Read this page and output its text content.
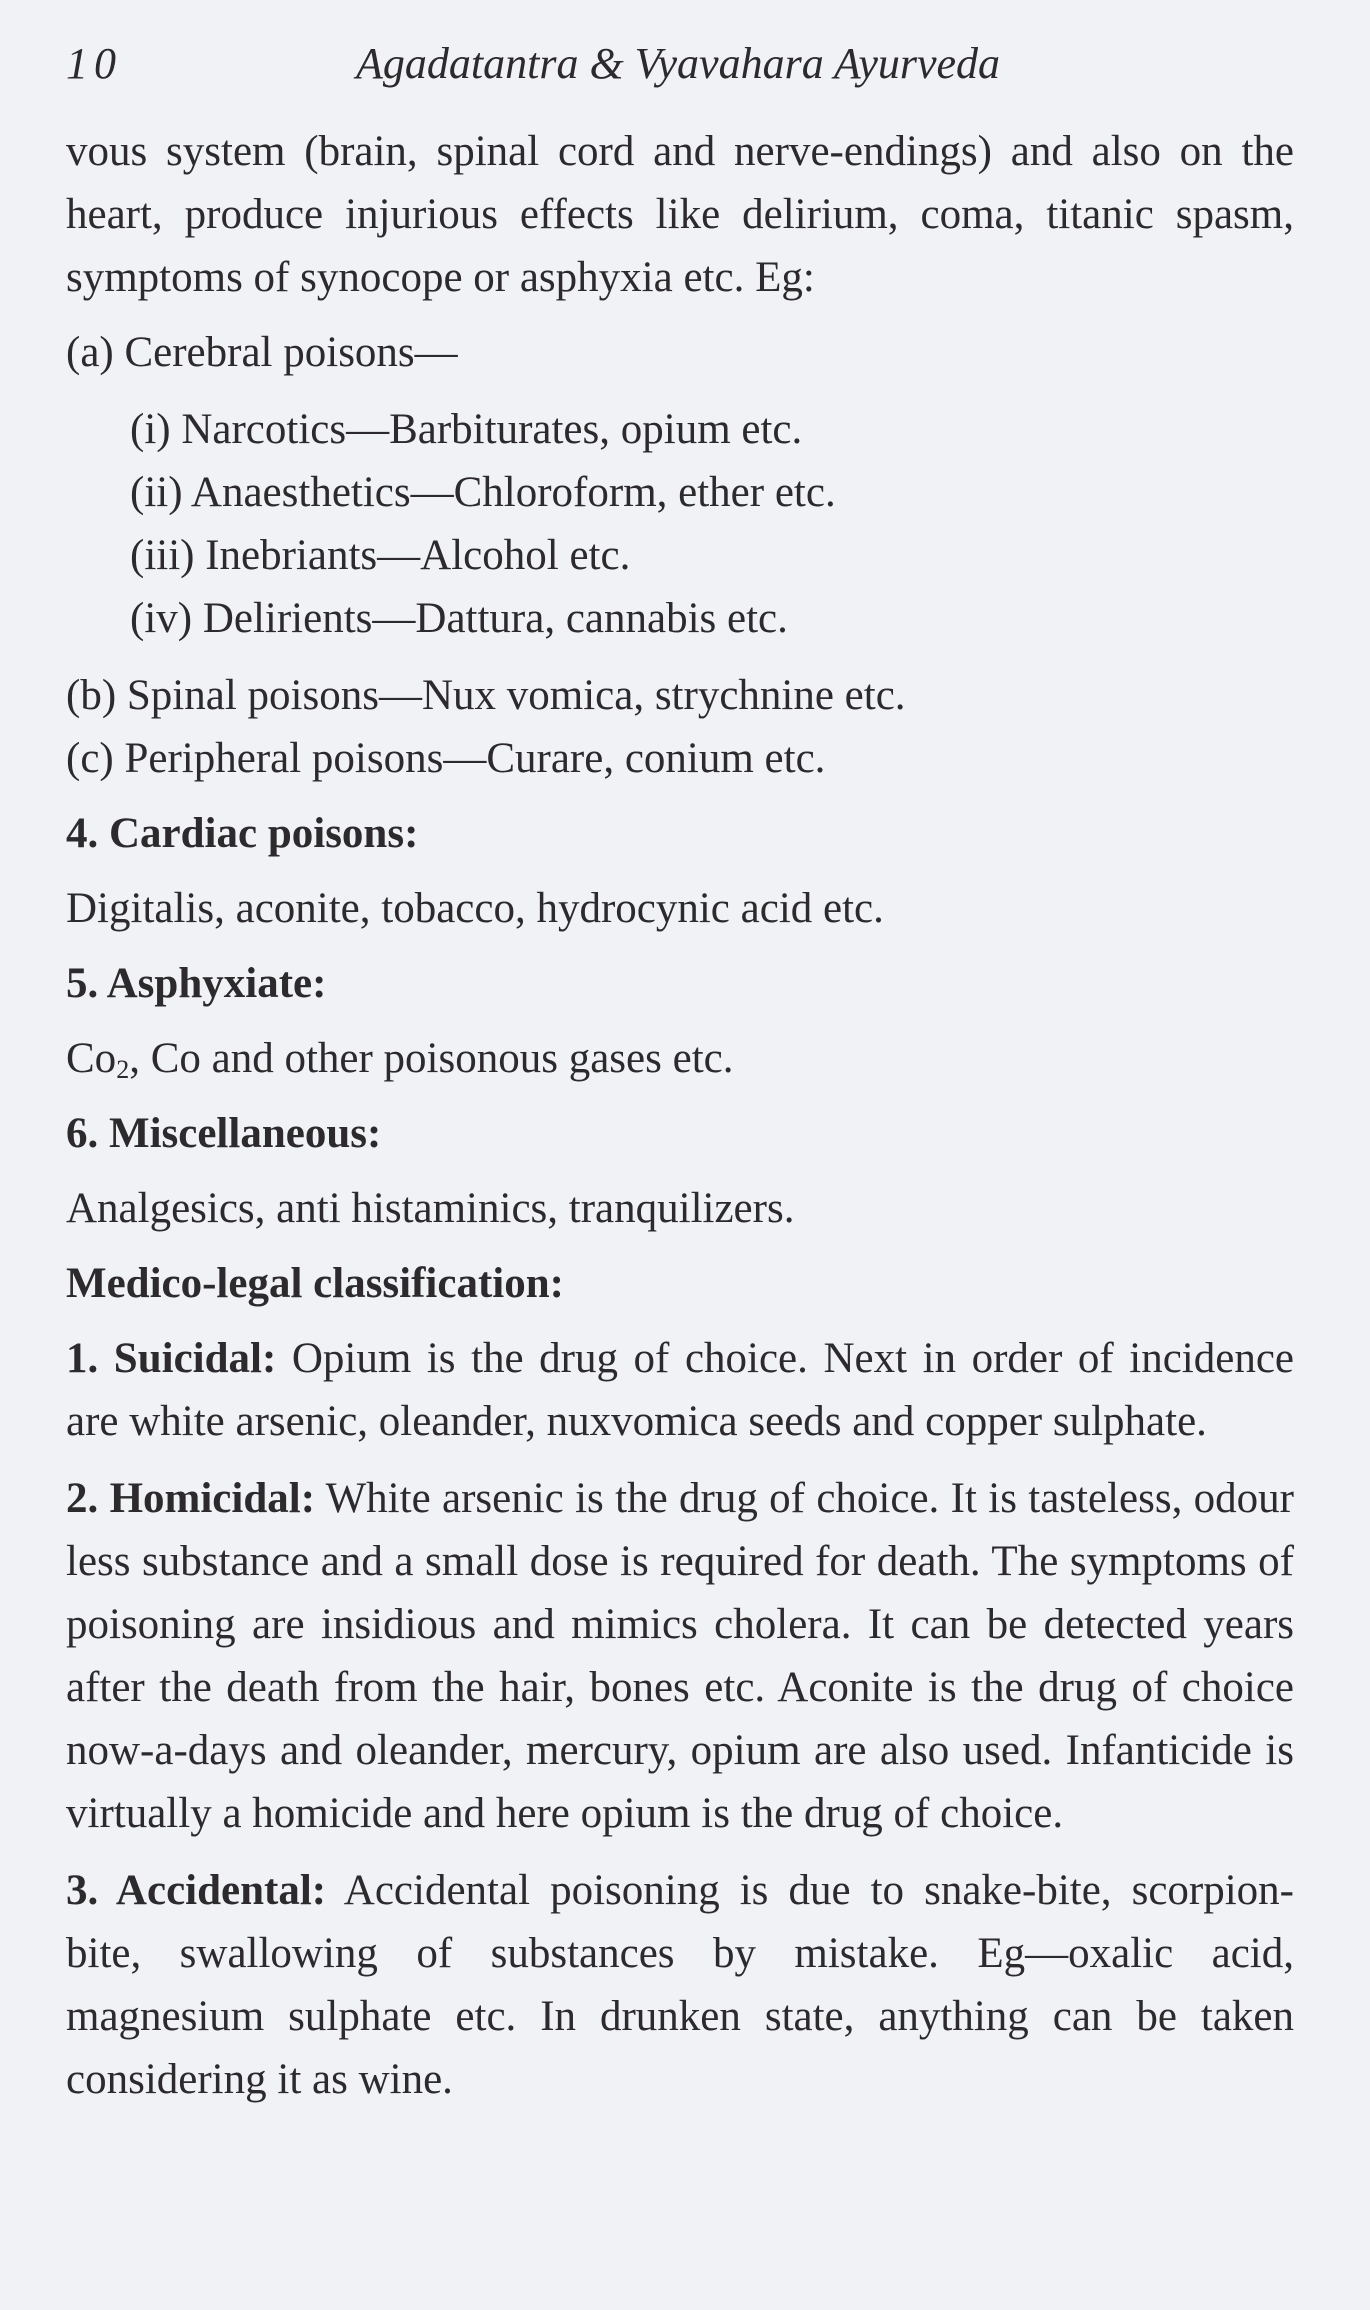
10	Agadatantra & Vyavahara Ayurveda

vous system (brain, spinal cord and nerve-endings) and also on the heart, produce injurious effects like delirium, coma, titanic spasm, symptoms of synocope or asphyxia etc. Eg:

(a) Cerebral poisons—

(i) Narcotics—Barbiturates, opium etc.

(ii) Anaesthetics—Chloroform, ether etc.

(iii) Inebriants—Alcohol etc.

(iv) Delirients—Dattura, cannabis etc.

(b) Spinal poisons—Nux vomica, strychnine etc.

(c) Peripheral poisons—Curare, conium etc.

4. Cardiac poisons:

Digitalis, aconite, tobacco, hydrocynic acid etc.

5. Asphyxiate:

$Co_2$, Co and other poisonous gases etc.

6. Miscellaneous:

Analgesics, anti histaminics, tranquilizers.

Medico-legal classification:

1. Suicidal: Opium is the drug of choice. Next in order of incidence are white arsenic, oleander, nuxvomica seeds and copper sulphate.

2. Homicidal: White arsenic is the drug of choice. It is tasteless, odour less substance and a small dose is required for death. The symptoms of poisoning are insidious and mimics cholera. It can be detected years after the death from the hair, bones etc. Aconite is the drug of choice now-a-days and oleander, mercury, opium are also used. Infanticide is virtually a homicide and here opium is the drug of choice.

3. Accidental: Accidental poisoning is due to snake-bite, scorpion-bite, swallowing of substances by mistake. Eg—oxalic acid, magnesium sulphate etc. In drunken state, anything can be taken considering it as wine.
